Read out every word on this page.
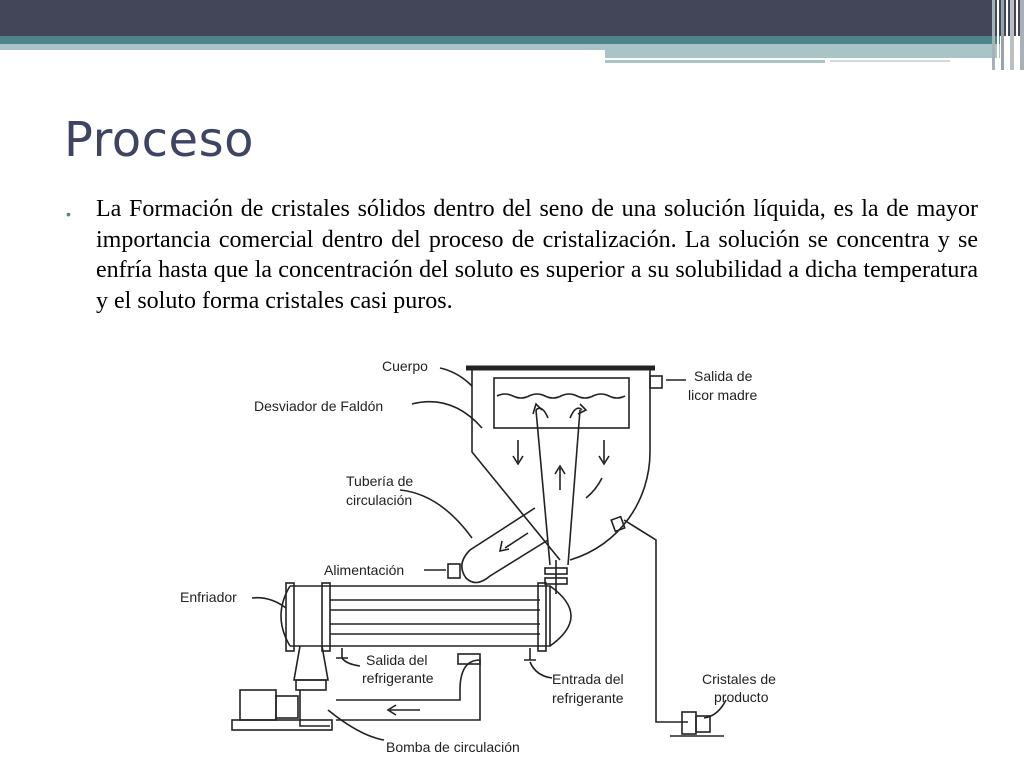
Proceso
• La Formación de cristales sólidos dentro del seno de una solución líquida, es la de mayor importancia comercial dentro del proceso de cristalización. La solución se concentra y se enfría hasta que la concentración del soluto es superior a su solubilidad a dicha temperatura y el soluto forma cristales casi puros.
Cuerpo
Desviador de Faldón
Tubería de
circulación
Alimentación
Enfriador
Salida del
refrigerante	Entrada del
refrigerante
Salida de
licor madre
Cristales de
producto
Bomba de circulación
